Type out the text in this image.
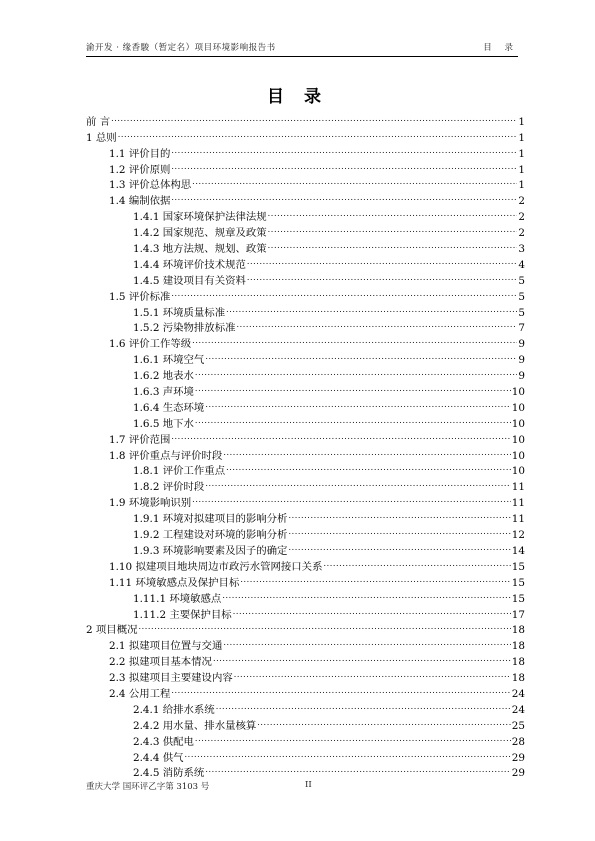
渝开发 · 缘香駿（暂定名）项目环境影响报告书	目 录
目 录
前 言 .....	1
1 总则 .....	1
1.1 评价目的 .....	1
1.2 评价原则 .....	1
1.3 评价总体构思 .....	1
1.4 编制依据 .....	2
1.4.1 国家环境保护法律法规 .....	2
1.4.2 国家规范、规章及政策 .....	2
1.4.3 地方法规、规划、政策 .....	3
1.4.4 环境评价技术规范 .....	4
1.4.5 建设项目有关资料 .....	5
1.5 评价标准 .....	5
1.5.1 环境质量标准 .....	5
1.5.2 污染物排放标准 .....	7
1.6 评价工作等级 .....	9
1.6.1 环境空气 .....	9
1.6.2 地表水 .....	9
1.6.3 声环境 .....	10
1.6.4 生态环境 .....	10
1.6.5 地下水 .....	10
1.7 评价范围 .....	10
1.8 评价重点与评价时段 .....	10
1.8.1 评价工作重点 .....	10
1.8.2 评价时段 .....	11
1.9 环境影响识别 .....	11
1.9.1 环境对拟建项目的影响分析 .....	11
1.9.2 工程建设对环境的影响分析 .....	12
1.9.3 环境影响要素及因子的确定 .....	14
1.10 拟建项目地块周边市政污水管网接口关系 .....	15
1.11 环境敏感点及保护目标 .....	15
1.11.1 环境敏感点 .....	15
1.11.2 主要保护目标 .....	17
2 项目概况 .....	18
2.1 拟建项目位置与交通 .....	18
2.2 拟建项目基本情况 .....	18
2.3 拟建项目主要建设内容 .....	18
2.4 公用工程 .....	24
2.4.1 给排水系统 .....	24
2.4.2 用水量、排水量核算 .....	25
2.4.3 供配电 .....	28
2.4.4 供气 .....	29
2.4.5 消防系统 .....	29
重庆大学 国环评乙字第 3103 号	II
